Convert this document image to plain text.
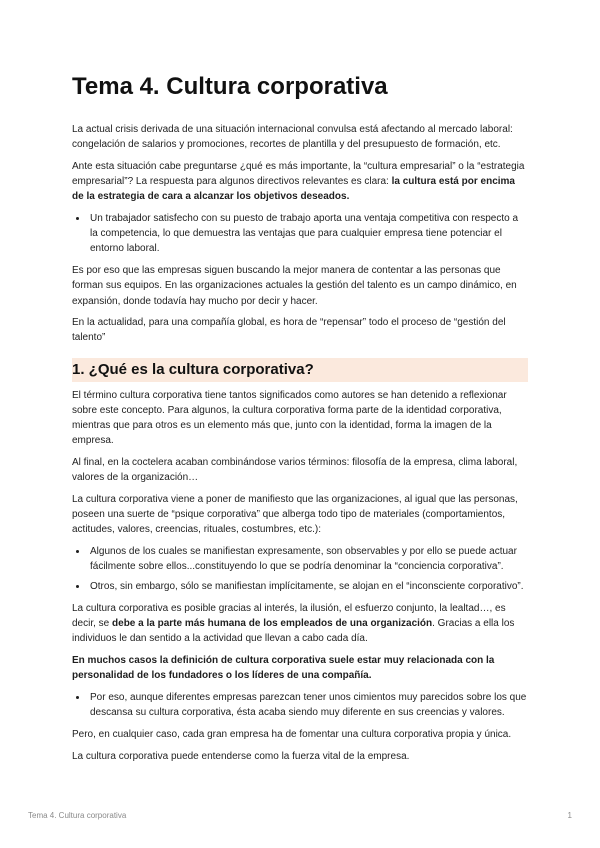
Tema 4. Cultura corporativa

La actual crisis derivada de una situación internacional convulsa está afectando al mercado laboral: congelación de salarios y promociones, recortes de plantilla y del presupuesto de formación, etc.

Ante esta situación cabe preguntarse ¿qué es más importante, la “cultura empresarial” o la “estrategia empresarial”? La respuesta para algunos directivos relevantes es clara: la cultura está por encima de la estrategia de cara a alcanzar los objetivos deseados.

• Un trabajador satisfecho con su puesto de trabajo aporta una ventaja competitiva con respecto a la competencia, lo que demuestra las ventajas que para cualquier empresa tiene potenciar el entorno laboral.

Es por eso que las empresas siguen buscando la mejor manera de contentar a las personas que forman sus equipos. En las organizaciones actuales la gestión del talento es un campo dinámico, en expansión, donde todavía hay mucho por decir y hacer.

En la actualidad, para una compañía global, es hora de “repensar” todo el proceso de “gestión del talento”

1. ¿Qué es la cultura corporativa?

El término cultura corporativa tiene tantos significados como autores se han detenido a reflexionar sobre este concepto. Para algunos, la cultura corporativa forma parte de la identidad corporativa, mientras que para otros es un elemento más que, junto con la identidad, forma la imagen de la empresa.

Al final, en la coctelera acaban combinándose varios términos: filosofía de la empresa, clima laboral, valores de la organización…

La cultura corporativa viene a poner de manifiesto que las organizaciones, al igual que las personas, poseen una suerte de “psique corporativa” que alberga todo tipo de materiales (comportamientos, actitudes, valores, creencias, rituales, costumbres, etc.):

• Algunos de los cuales se manifiestan expresamente, son observables y por ello se puede actuar fácilmente sobre ellos...constituyendo lo que se podría denominar la “conciencia corporativa”.
• Otros, sin embargo, sólo se manifiestan implícitamente, se alojan en el “inconsciente corporativo”.

La cultura corporativa es posible gracias al interés, la ilusión, el esfuerzo conjunto, la lealtad…, es decir, se debe a la parte más humana de los empleados de una organización. Gracias a ella los individuos le dan sentido a la actividad que llevan a cabo cada día.

En muchos casos la definición de cultura corporativa suele estar muy relacionada con la personalidad de los fundadores o los líderes de una compañía.

• Por eso, aunque diferentes empresas parezcan tener unos cimientos muy parecidos sobre los que descansa su cultura corporativa, ésta acaba siendo muy diferente en sus creencias y valores.

Pero, en cualquier caso, cada gran empresa ha de fomentar una cultura corporativa propia y única.

La cultura corporativa puede entenderse como la fuerza vital de la empresa.

Tema 4. Cultura corporativa	1
